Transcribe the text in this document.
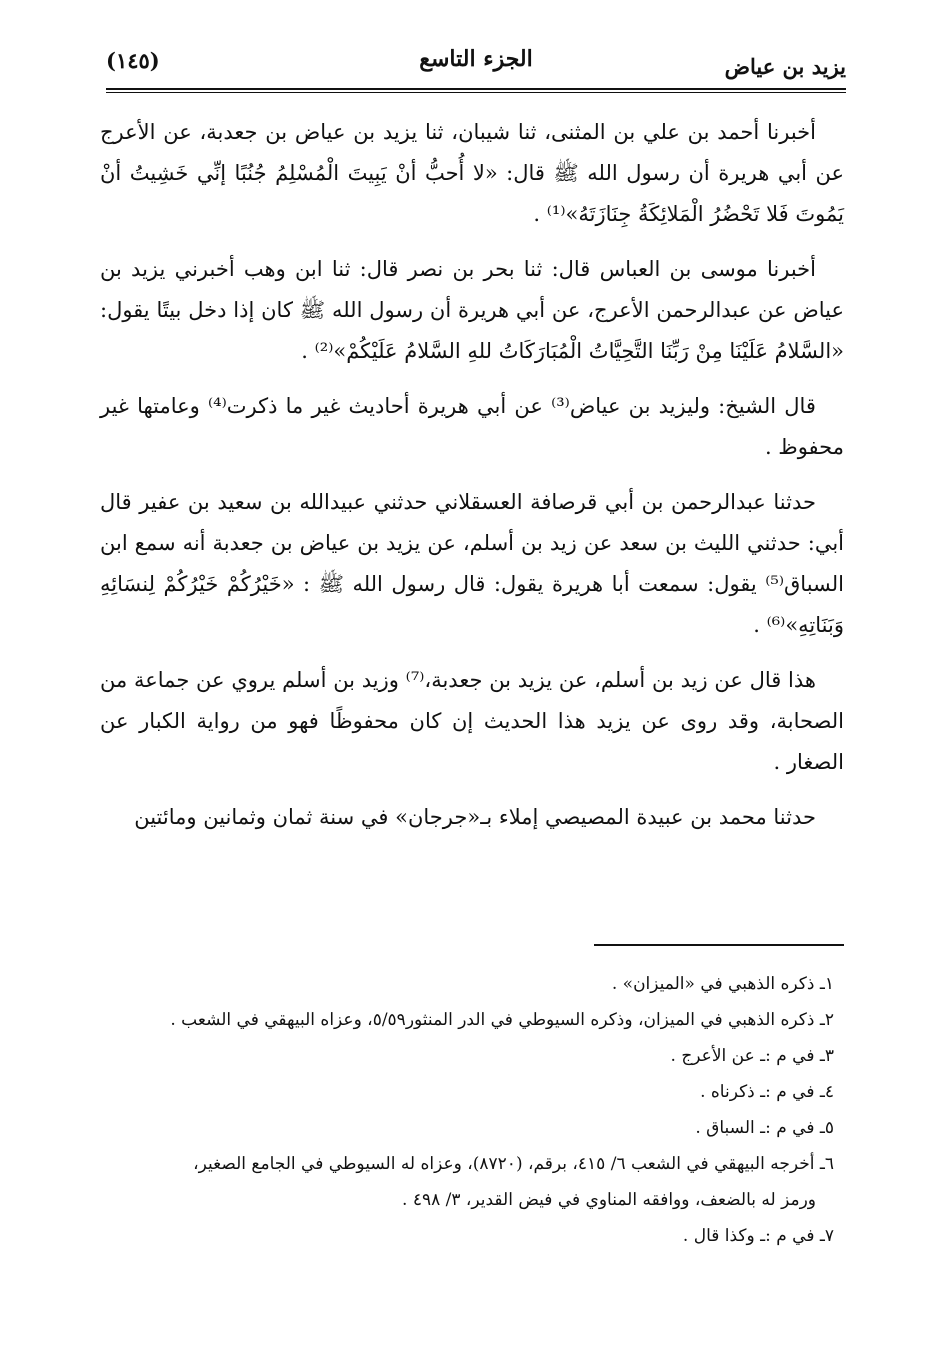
يزيد بن عياض
الجزء التاسع
(١٤٥)

أخبرنا أحمد بن علي بن المثنى، ثنا شيبان، ثنا يزيد بن عياض بن جعدبة، عن الأعرج عن أبي هريرة أن رسول الله ﷺ قال: «لا أُحبُّ أنْ يَبِيتَ الْمُسْلِمُ جُنُبًا إنِّي خَشِيتُ أنْ يَمُوتَ فَلا تَحْضُرُ الْمَلائِكَةُ جِنَازَتَهُ»⁽¹⁾ .

أخبرنا موسى بن العباس قال: ثنا بحر بن نصر قال: ثنا ابن وهب أخبرني يزيد بن عياض عن عبدالرحمن الأعرج، عن أبي هريرة أن رسول الله ﷺ كان إذا دخل بيتًا يقول: «السَّلامُ عَلَيْنَا مِنْ رَبِّنَا التَّحِيَّاتُ الْمُبَارَكَاتُ للهِ السَّلامُ عَلَيْكُمْ»⁽²⁾ .

قال الشيخ: وليزيد بن عياض⁽³⁾ عن أبي هريرة أحاديث غير ما ذكرت⁽⁴⁾ وعامتها غير محفوظ .

حدثنا عبدالرحمن بن أبي قرصافة العسقلاني حدثني عبيدالله بن سعيد بن عفير قال أبي: حدثني الليث بن سعد عن زيد بن أسلم، عن يزيد بن عياض بن جعدبة أنه سمع ابن السباق⁽⁵⁾ يقول: سمعت أبا هريرة يقول: قال رسول الله ﷺ : «خَيْرُكُمْ خَيْرُكُمْ لِنسَائِهِ وَبَنَاتِهِ»⁽⁶⁾ .

هذا قال عن زيد بن أسلم، عن يزيد بن جعدبة،⁽⁷⁾ وزيد بن أسلم يروي عن جماعة من الصحابة، وقد روى عن يزيد هذا الحديث إن كان محفوظًا فهو من رواية الكبار عن الصغار .

حدثنا محمد بن عبيدة المصيصي إملاء بـ«جرجان» في سنة ثمان وثمانين ومائتين

١ـ ذكره الذهبي في «الميزان» .

٢ـ ذكره الذهبي في الميزان، وذكره السيوطي في الدر المنثور٥/٥٩، وعزاه البيهقي في الشعب .

٣ـ في م :ـ عن الأعرج .

٤ـ في م :ـ ذكرناه .

٥ـ في م :ـ السباق .

٦ـ أخرجه البيهقي في الشعب ٦/ ٤١٥، برقم، (٨٧٢٠)، وعزاه له السيوطي في الجامع الصغير،

ورمز له بالضعف، ووافقه المناوي في فيض القدير، ٣/ ٤٩٨ .

٧ـ في م :ـ وكذا قال .
